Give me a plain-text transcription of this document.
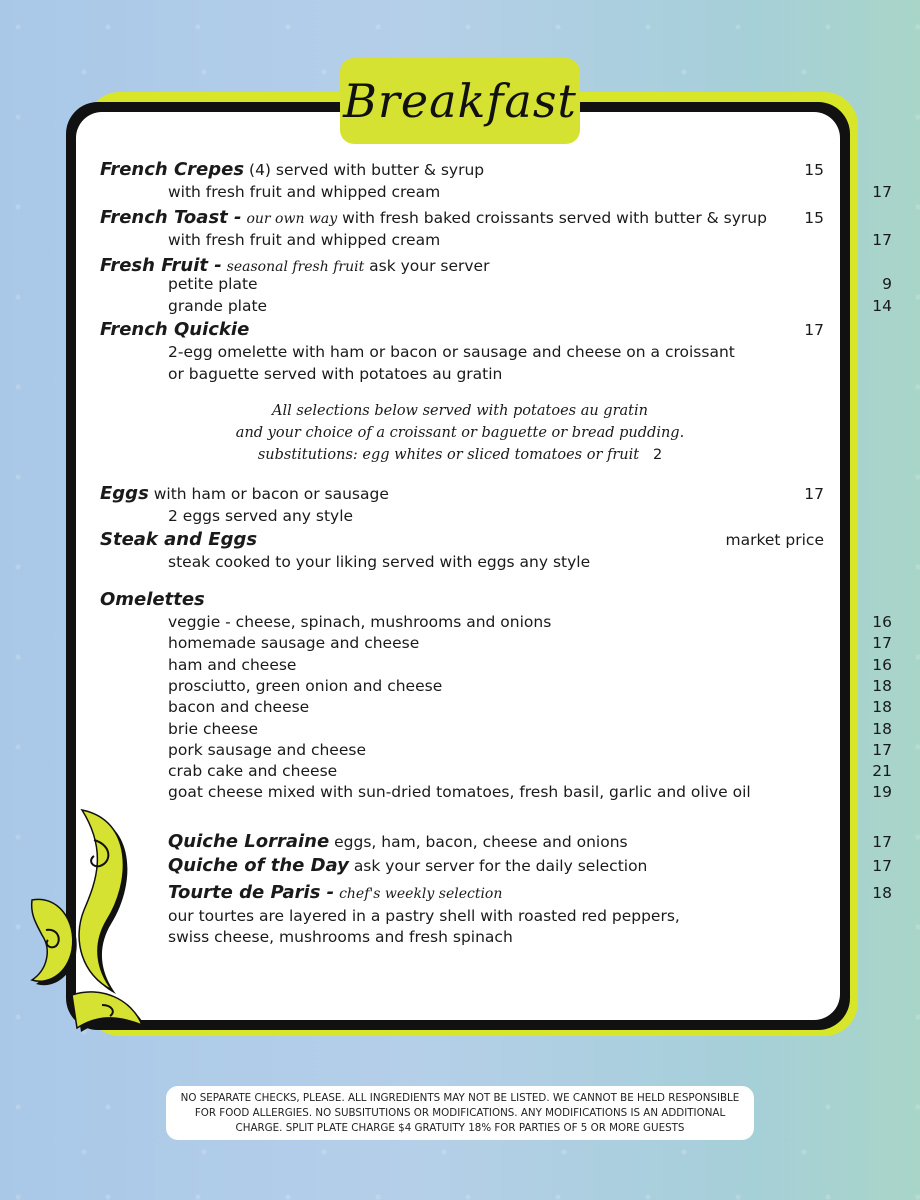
Breakfast
French Crepes (4) served with butter & syrup	15
with fresh fruit and whipped cream	17
French Toast - our own way with fresh baked croissants served with butter & syrup 15
with fresh fruit and whipped cream	17
Fresh Fruit - seasonal fresh fruit ask your server
petite plate	9
grande plate	14
French Quickie	17
2-egg omelette with ham or bacon or sausage and cheese on a croissant
or baguette served with potatoes au gratin
All selections below served with potatoes au gratin
and your choice of a croissant or baguette or bread pudding.
substitutions: egg whites or sliced tomatoes or fruit 2
Eggs with ham or bacon or sausage	17
2 eggs served any style
Steak and Eggs	market price
steak cooked to your liking served with eggs any style
Omelettes
veggie - cheese, spinach, mushrooms and onions	16
homemade sausage and cheese	17
ham and cheese	16
prosciutto, green onion and cheese	18
bacon and cheese	18
brie cheese	18
pork sausage and cheese	17
crab cake and cheese	21
goat cheese mixed with sun-dried tomatoes, fresh basil, garlic and olive oil	19
Quiche Lorraine eggs, ham, bacon, cheese and onions	17
Quiche of the Day ask your server for the daily selection	17
Tourte de Paris - chef's weekly selection	18
our tourtes are layered in a pastry shell with roasted red peppers,
swiss cheese, mushrooms and fresh spinach
NO SEPARATE CHECKS, PLEASE. ALL INGREDIENTS MAY NOT BE LISTED. WE CANNOT BE HELD RESPONSIBLE
FOR FOOD ALLERGIES. NO SUBSITUTIONS OR MODIFICATIONS. ANY MODIFICATIONS IS AN ADDITIONAL
CHARGE. SPLIT PLATE CHARGE $4 GRATUITY 18% FOR PARTIES OF 5 OR MORE GUESTS
